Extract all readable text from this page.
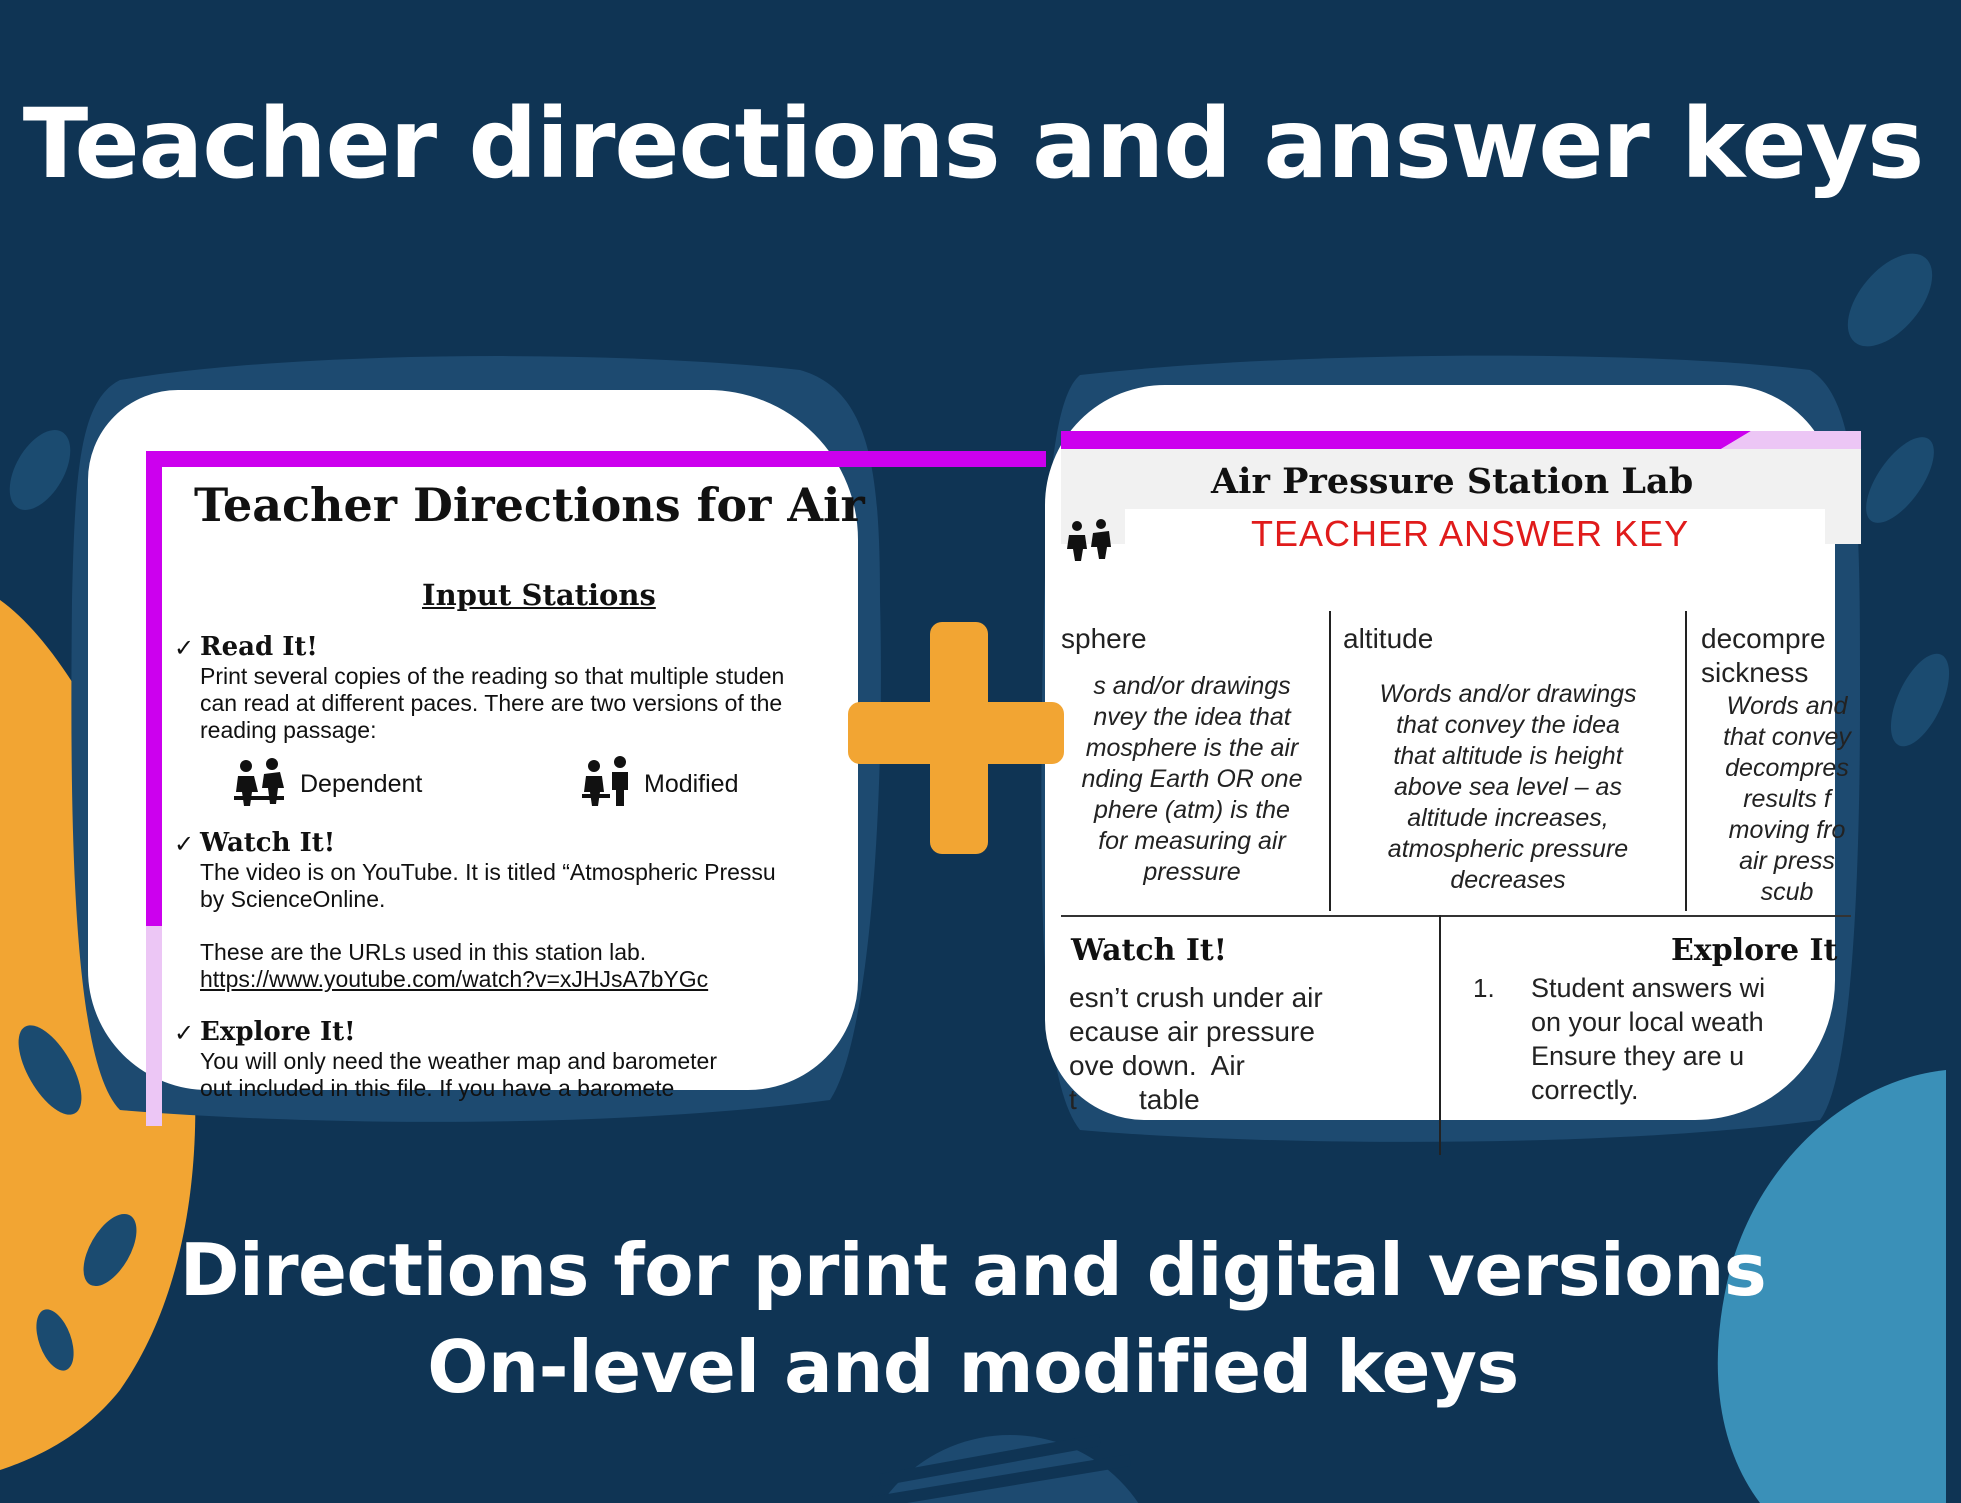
Teacher Directions for Air
Input Stations
✓ Read It!
Print several copies of the reading so that multiple studen
can read at different paces. There are two versions of the
reading passage:
Dependent	Modified
✓ Watch It!
The video is on YouTube. It is titled “Atmospheric Pressu
by ScienceOnline.
These are the URLs used in this station lab.
https://www.youtube.com/watch?v=xJHJsA7bYGc
✓ Explore It!
You will only need the weather map and barometer
out included in this file. If you have a baromete
Air Pressure Station Lab
TEACHER ANSWER KEY
sphere
s and/or drawings
nvey the idea that
mosphere is the air
nding Earth OR one
phere (atm) is the
for measuring air
pressure
altitude
Words and/or drawings
that convey the idea
that altitude is height
above sea level – as
altitude increases,
atmospheric pressure
decreases
decompre
sickness
Words and
that convey
decompres
results f
moving fro
air press
scub
Watch It!
esn’t crush under air
ecause air pressure
ove down.  Air
t        table
Explore It
1. Student answers wi
on your local weath
Ensure they are u
correctly.
Teacher directions and answer keys
Directions for print and digital versions
On-level and modified keys
